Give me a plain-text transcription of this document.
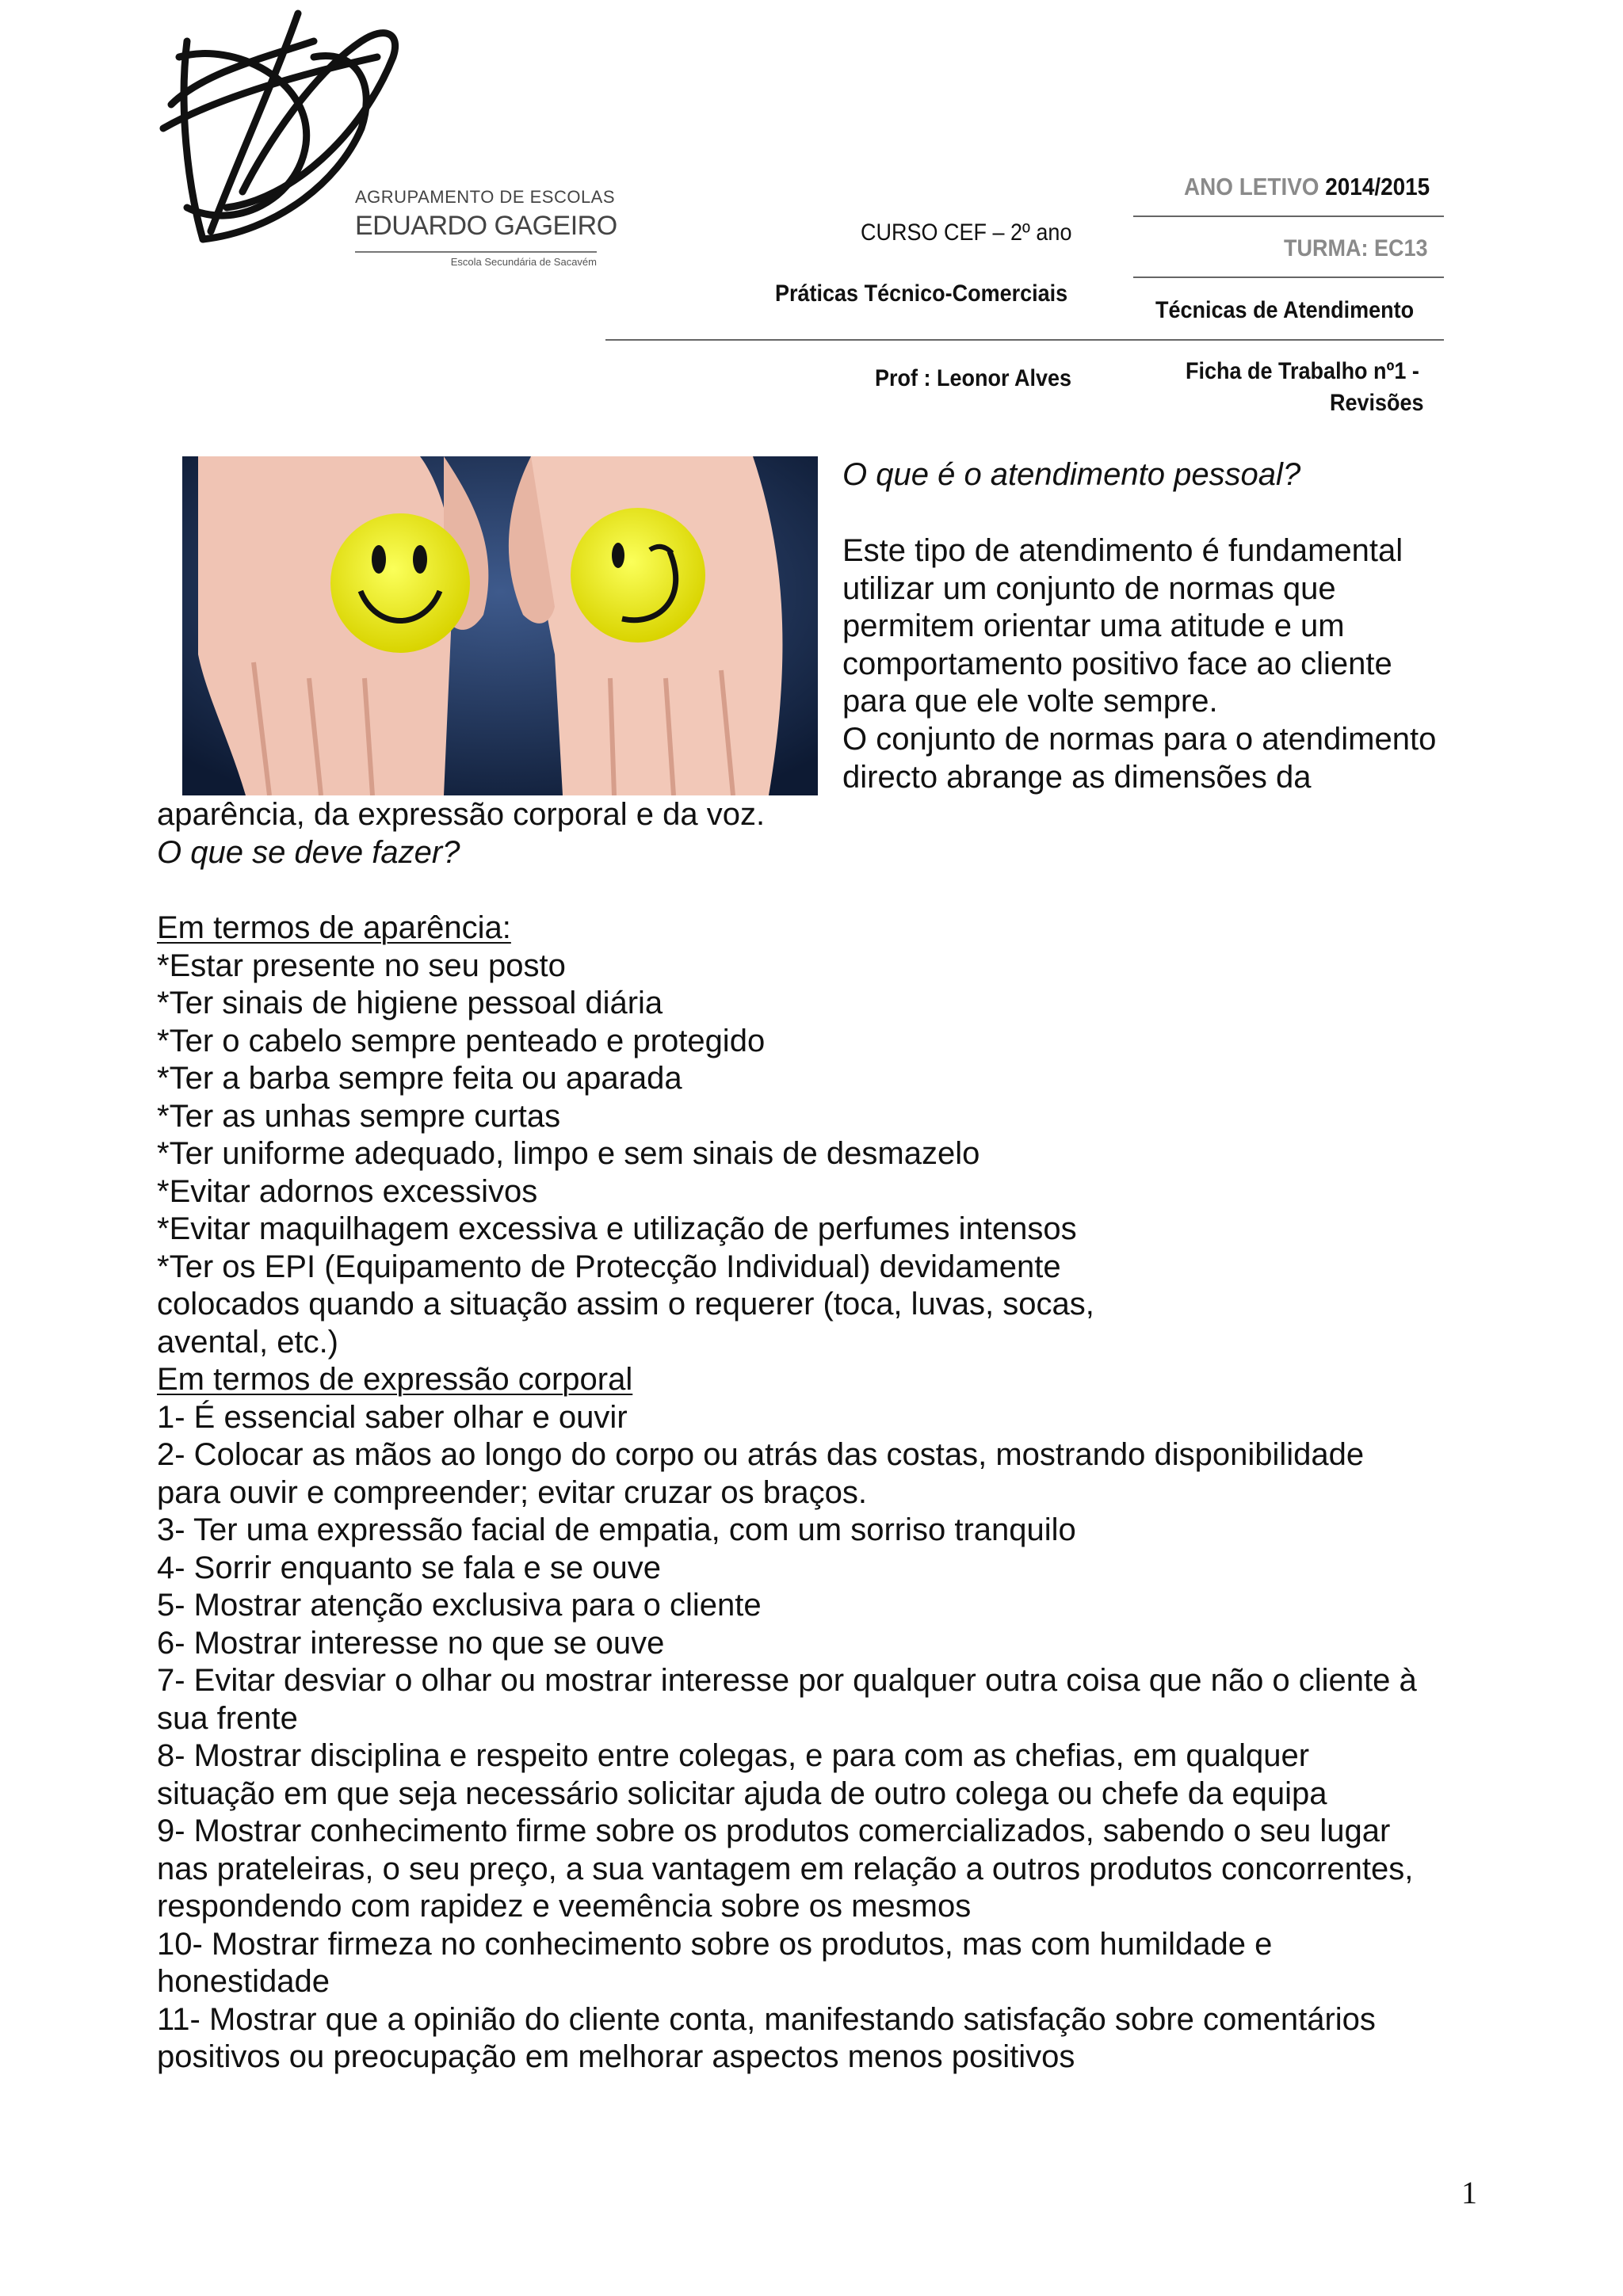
AGRUPAMENTO DE ESCOLAS
EDUARDO GAGEIRO
Escola Secundária de Sacavém
ANO LETIVO 2014/2015
TURMA: EC13
CURSO CEF – 2º ano
Práticas Técnico-Comerciais
Técnicas de Atendimento
Prof : Leonor Alves	Ficha de Trabalho nº1 -
Revisões
O que é o atendimento pessoal?
Este tipo de atendimento é fundamental
utilizar um conjunto de normas que
permitem orientar uma atitude e um
comportamento positivo face ao cliente
para que ele volte sempre.
O conjunto de normas para o atendimento
directo abrange as dimensões da
aparência, da expressão corporal e da voz.
O que se deve fazer?
Em termos de aparência:
*Estar presente no seu posto
*Ter sinais de higiene pessoal diária
*Ter o cabelo sempre penteado e protegido
*Ter a barba sempre feita ou aparada
*Ter as unhas sempre curtas
*Ter uniforme adequado, limpo e sem sinais de desmazelo
*Evitar adornos excessivos
*Evitar maquilhagem excessiva e utilização de perfumes intensos
*Ter os EPI (Equipamento de Protecção Individual) devidamente
colocados quando a situação assim o requerer (toca, luvas, socas,
avental, etc.)
Em termos de expressão corporal
1- É essencial saber olhar e ouvir
2- Colocar as mãos ao longo do corpo ou atrás das costas, mostrando disponibilidade
para ouvir e compreender; evitar cruzar os braços.
3- Ter uma expressão facial de empatia, com um sorriso tranquilo
4- Sorrir enquanto se fala e se ouve
5- Mostrar atenção exclusiva para o cliente
6- Mostrar interesse no que se ouve
7- Evitar desviar o olhar ou mostrar interesse por qualquer outra coisa que não o cliente à
sua frente
8- Mostrar disciplina e respeito entre colegas, e para com as chefias, em qualquer
situação em que seja necessário solicitar ajuda de outro colega ou chefe da equipa
9- Mostrar conhecimento firme sobre os produtos comercializados, sabendo o seu lugar
nas prateleiras, o seu preço, a sua vantagem em relação a outros produtos concorrentes,
respondendo com rapidez e veemência sobre os mesmos
10- Mostrar firmeza no conhecimento sobre os produtos, mas com humildade e
honestidade
11- Mostrar que a opinião do cliente conta, manifestando satisfação sobre comentários
positivos ou preocupação em melhorar aspectos menos positivos
1
